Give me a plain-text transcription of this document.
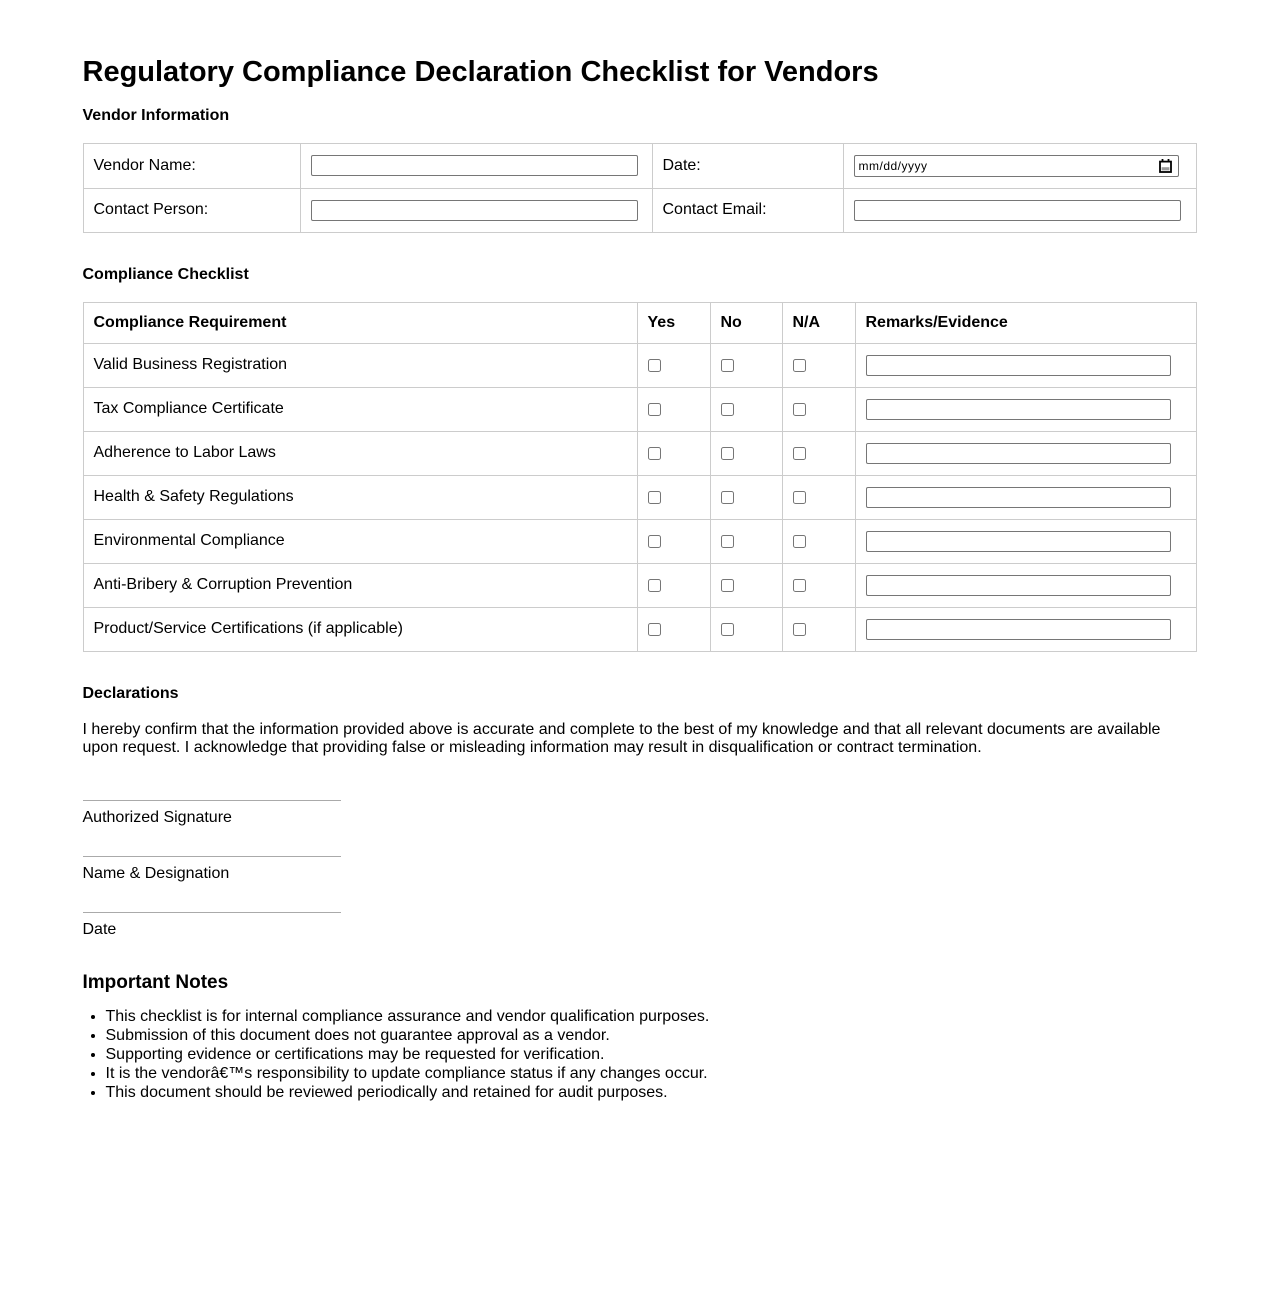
Regulatory Compliance Declaration Checklist for Vendors
Vendor Information
Vendor Name:		Date:	mm/dd/yyyy

Contact Person:		Contact Email:	
Compliance Checklist
Compliance Requirement	Yes	No	N/A	Remarks/Evidence
Valid Business Registration	

Tax Compliance Certificate	

Adherence to Labor Laws	

Health & Safety Regulations	

Environmental Compliance	

Anti-Bribery & Corruption Prevention	

Product/Service Certifications (if applicable)	

Declarations

I hereby confirm that the information provided above is accurate and complete to the best of my knowledge and that all relevant documents are available upon request. I acknowledge that providing false or misleading information may result in disqualification or contract termination.

Authorized Signature
Name & Designation
Date
Important Notes
• This checklist is for internal compliance assurance and vendor qualification purposes.
• Submission of this document does not guarantee approval as a vendor.
• Supporting evidence or certifications may be requested for verification.
• It is the vendorâ€™s responsibility to update compliance status if any changes occur.
• This document should be reviewed periodically and retained for audit purposes.
